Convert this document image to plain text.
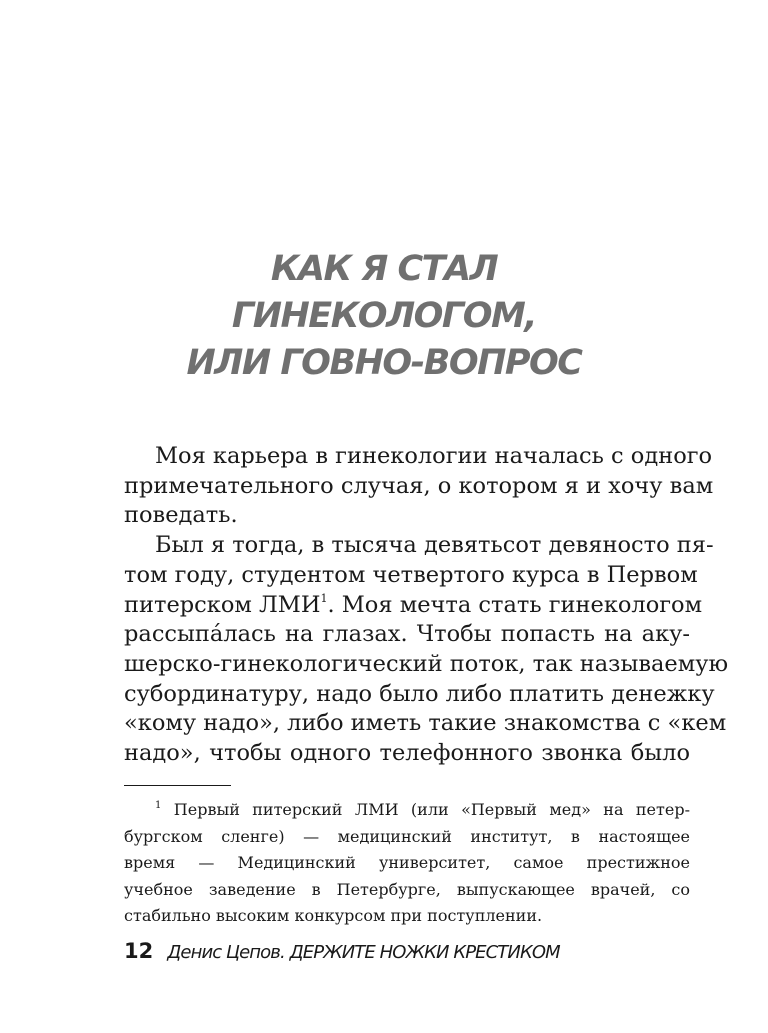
КАК Я СТАЛ
ГИНЕКОЛОГОМ,
ИЛИ ГОВНО-ВОПРОС
Моя карьера в гинекологии началась с одного
примечательного случая, о котором я и хочу вам
поведать.
Был я тогда, в тысяча девятьсот девяносто пя-
том году, студентом четвертого курса в Первом
питерском ЛМИ$^1$. Моя мечта стать гинекологом
рассыпáлась на глазах. Чтобы попасть на аку-
шерско-гинекологический поток, так называемую
субординатуру, надо было либо платить денежку
«кому надо», либо иметь такие знакомства с «кем
надо», чтобы одного телефонного звонка было
$^1$ Первый питерский ЛМИ (или «Первый мед» на петер-
бургском сленге) — медицинский институт, в настоящее
время — Медицинский университет, самое престижное
учебное заведение в Петербурге, выпускающее врачей, со
стабильно высоким конкурсом при поступлении.
12 Денис Цепов. ДЕРЖИТЕ НОЖКИ КРЕСТИКОМ
